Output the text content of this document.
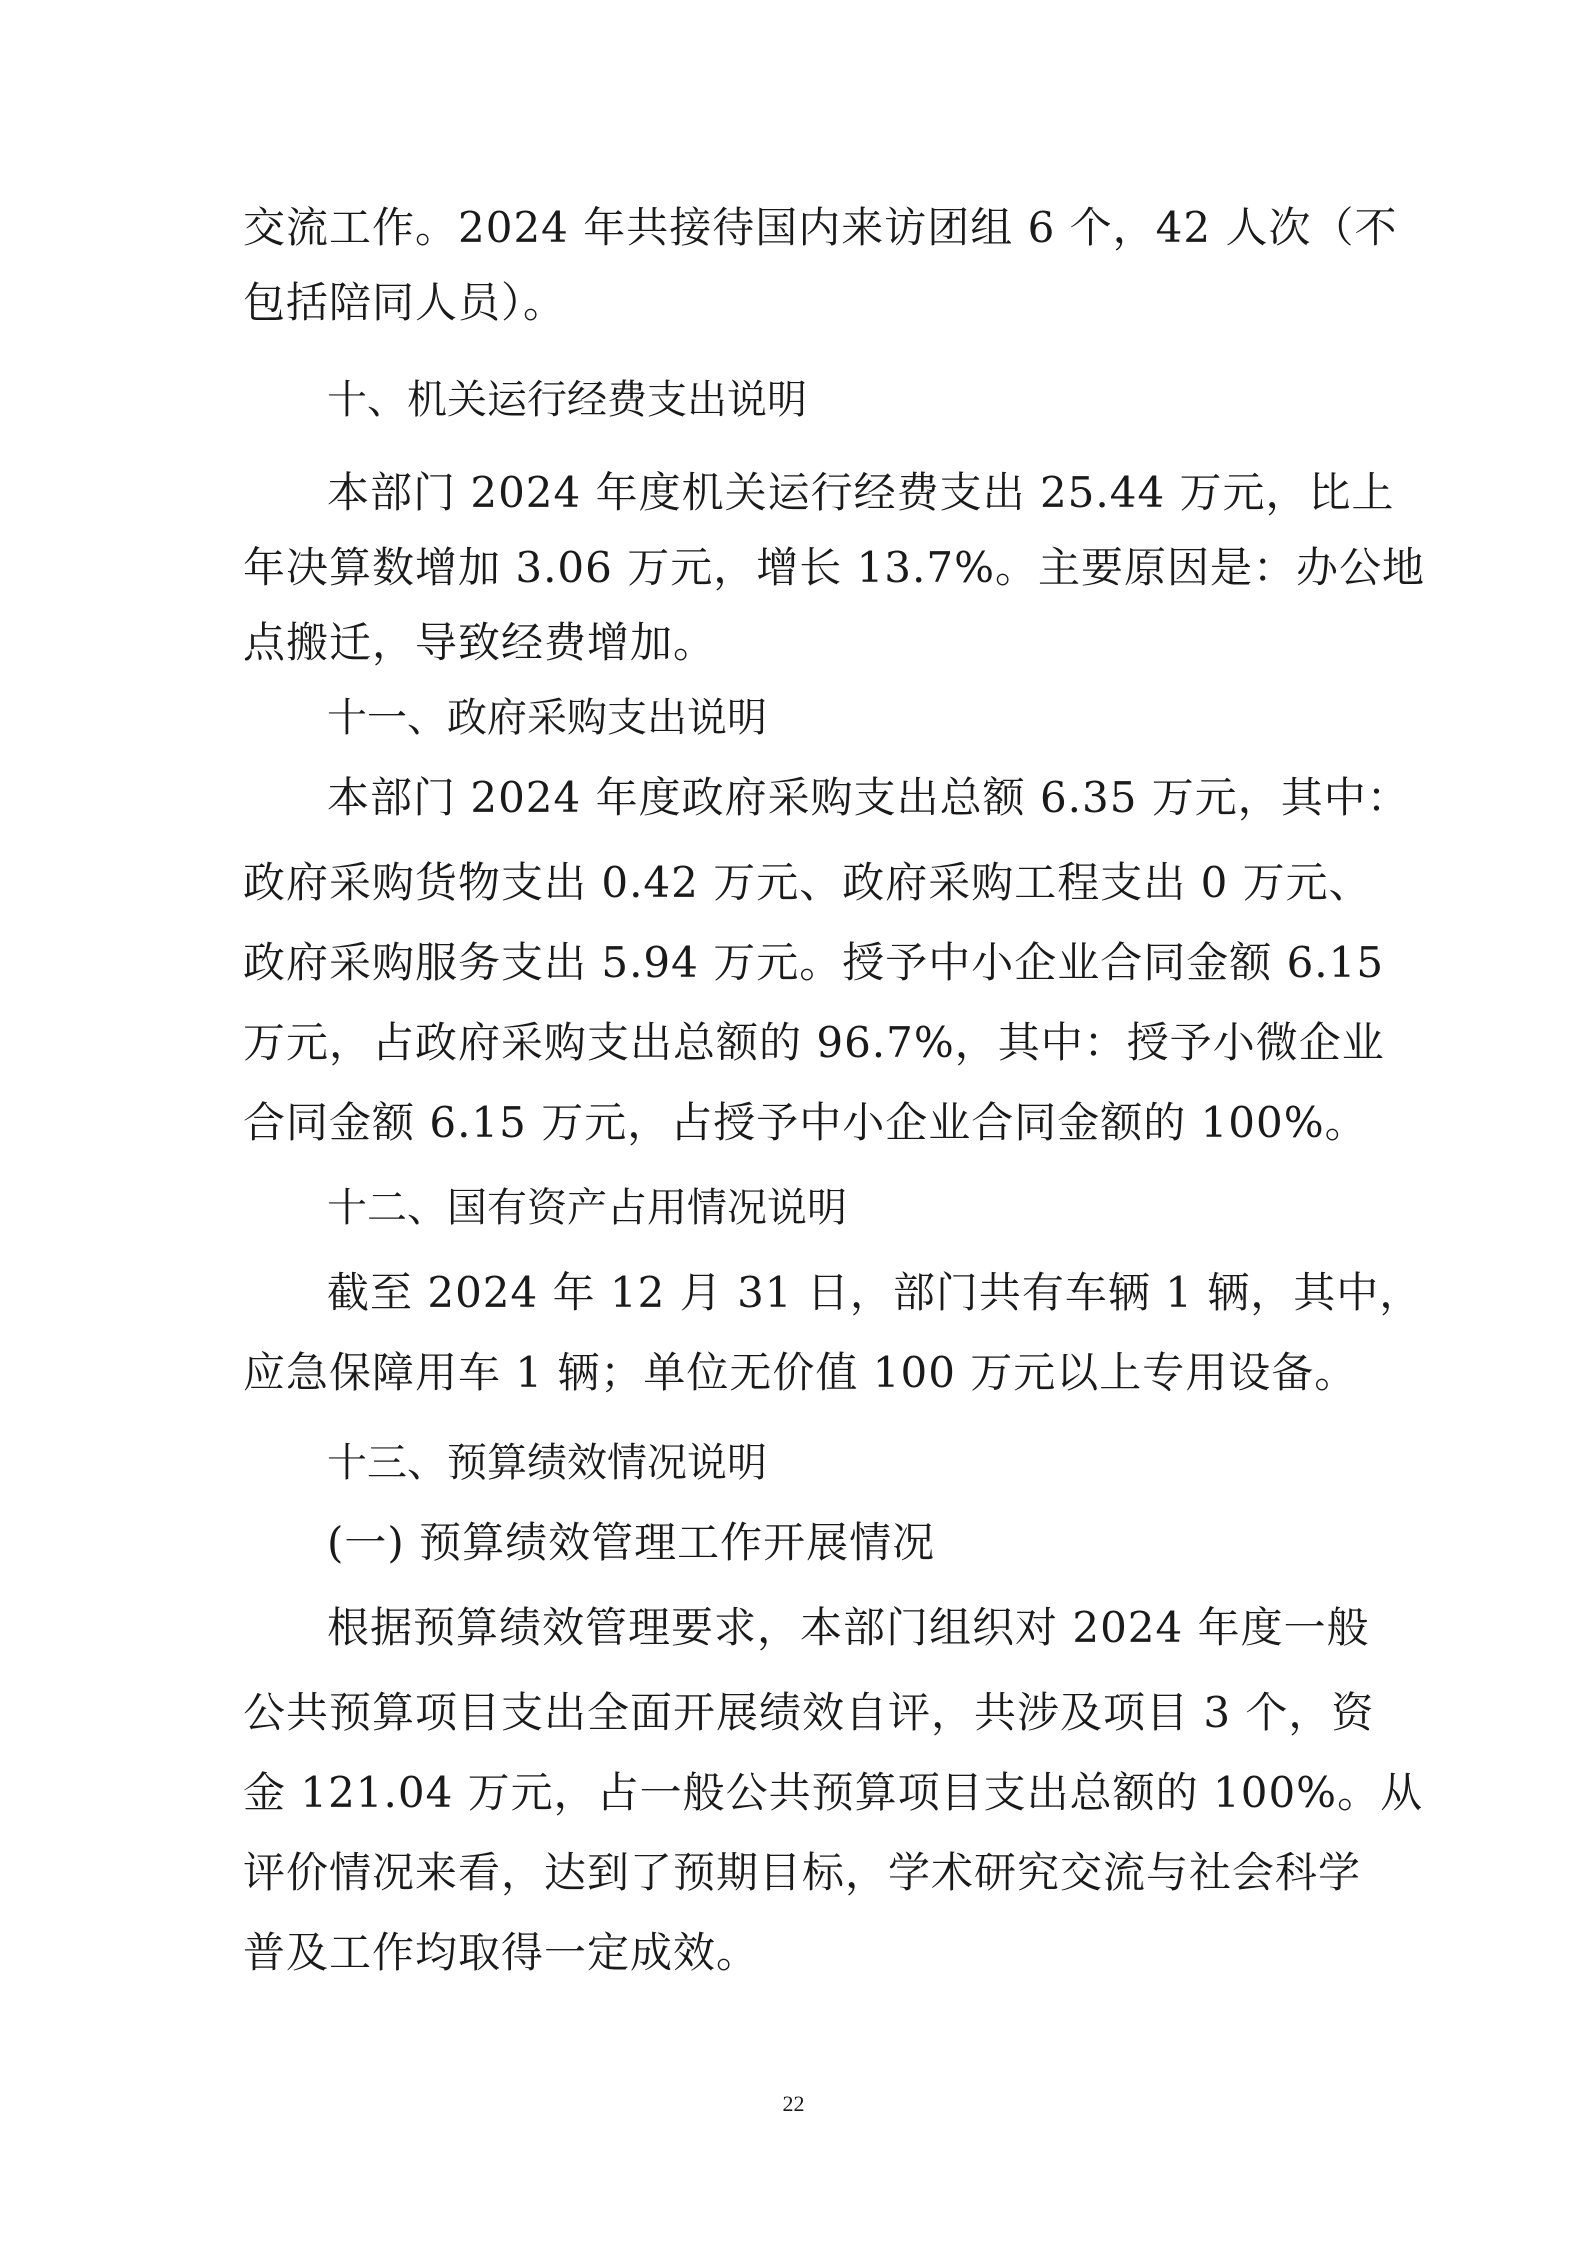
交流工作。2024 年共接待国内来访团组 6 个，42 人次（不
包括陪同人员）。
十、机关运行经费支出说明
本部门 2024 年度机关运行经费支出 25.44 万元，比上
年决算数增加 3.06 万元，增长 13.7%。主要原因是：办公地
点搬迁，导致经费增加。
十一、政府采购支出说明
本部门 2024 年度政府采购支出总额 6.35 万元，其中：
政府采购货物支出 0.42 万元、政府采购工程支出 0 万元、
政府采购服务支出 5.94 万元。授予中小企业合同金额 6.15
万元，占政府采购支出总额的 96.7%，其中：授予小微企业
合同金额 6.15 万元，占授予中小企业合同金额的 100%。
十二、国有资产占用情况说明
截至 2024 年 12 月 31 日，部门共有车辆 1 辆，其中，
应急保障用车 1 辆；单位无价值 100 万元以上专用设备。
十三、预算绩效情况说明
(一) 预算绩效管理工作开展情况
根据预算绩效管理要求，本部门组织对 2024 年度一般
公共预算项目支出全面开展绩效自评，共涉及项目 3 个，资
金 121.04 万元，占一般公共预算项目支出总额的 100%。从
评价情况来看，达到了预期目标，学术研究交流与社会科学
普及工作均取得一定成效。
22
